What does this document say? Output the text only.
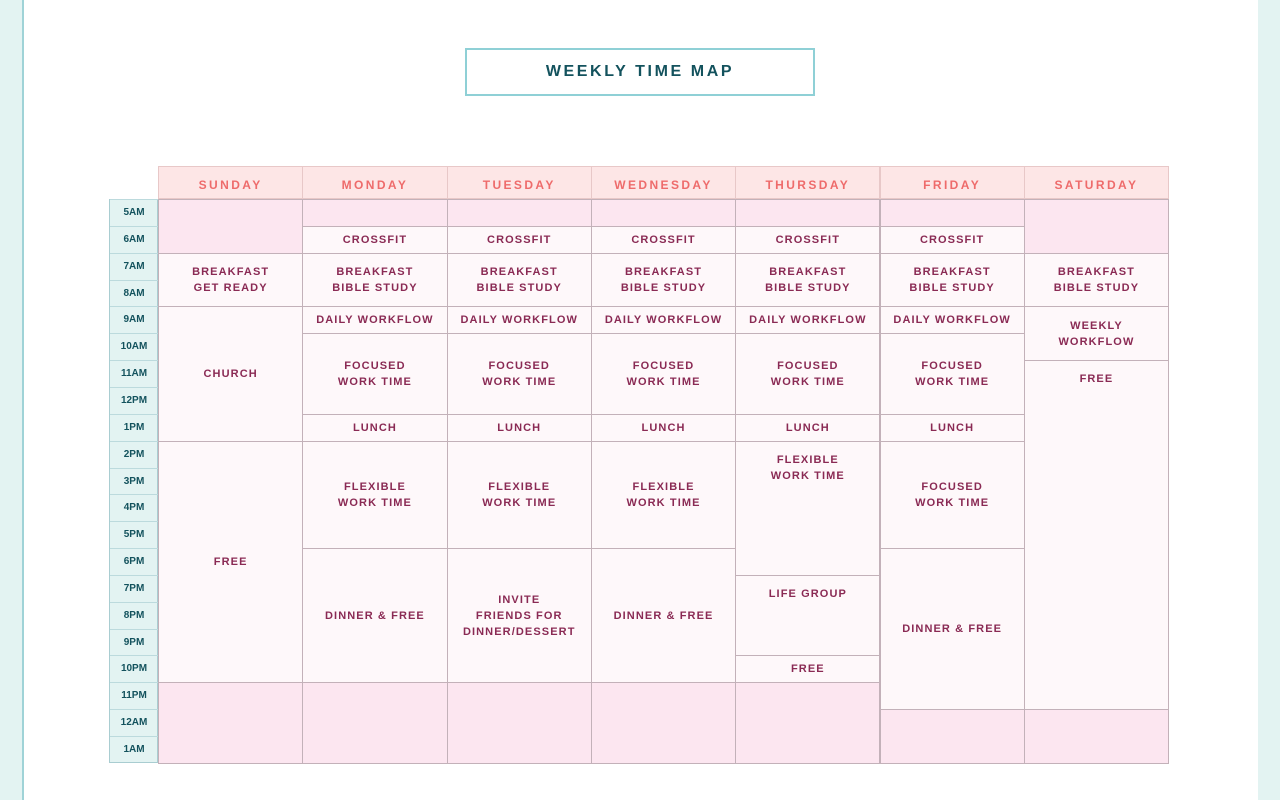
WEEKLY TIME MAP
5AM
6AM
7AM
8AM
9AM
10AM
11AM
12PM
1PM
2PM
3PM
4PM
5PM
6PM
7PM
8PM
9PM
10PM
11PM
12AM
1AM
SUNDAY
BREAKFAST
GET READY
CHURCH
FREE
MONDAY
CROSSFIT
BREAKFAST
BIBLE STUDY
DAILY WORKFLOW
FOCUSED
WORK TIME
LUNCH
FLEXIBLE
WORK TIME
DINNER & FREE
TUESDAY
CROSSFIT
BREAKFAST
BIBLE STUDY
DAILY WORKFLOW
FOCUSED
WORK TIME
LUNCH
FLEXIBLE
WORK TIME
INVITE
FRIENDS FOR
DINNER/DESSERT
WEDNESDAY
CROSSFIT
BREAKFAST
BIBLE STUDY
DAILY WORKFLOW
FOCUSED
WORK TIME
LUNCH
FLEXIBLE
WORK TIME
DINNER & FREE
THURSDAY
CROSSFIT
BREAKFAST
BIBLE STUDY
DAILY WORKFLOW
FOCUSED
WORK TIME
LUNCH
FLEXIBLE
WORK TIME
LIFE GROUP
FREE
FRIDAY
CROSSFIT
BREAKFAST
BIBLE STUDY
DAILY WORKFLOW
FOCUSED
WORK TIME
LUNCH
FOCUSED
WORK TIME
DINNER & FREE
SATURDAY
BREAKFAST
BIBLE STUDY
WEEKLY
WORKFLOW
FREE
